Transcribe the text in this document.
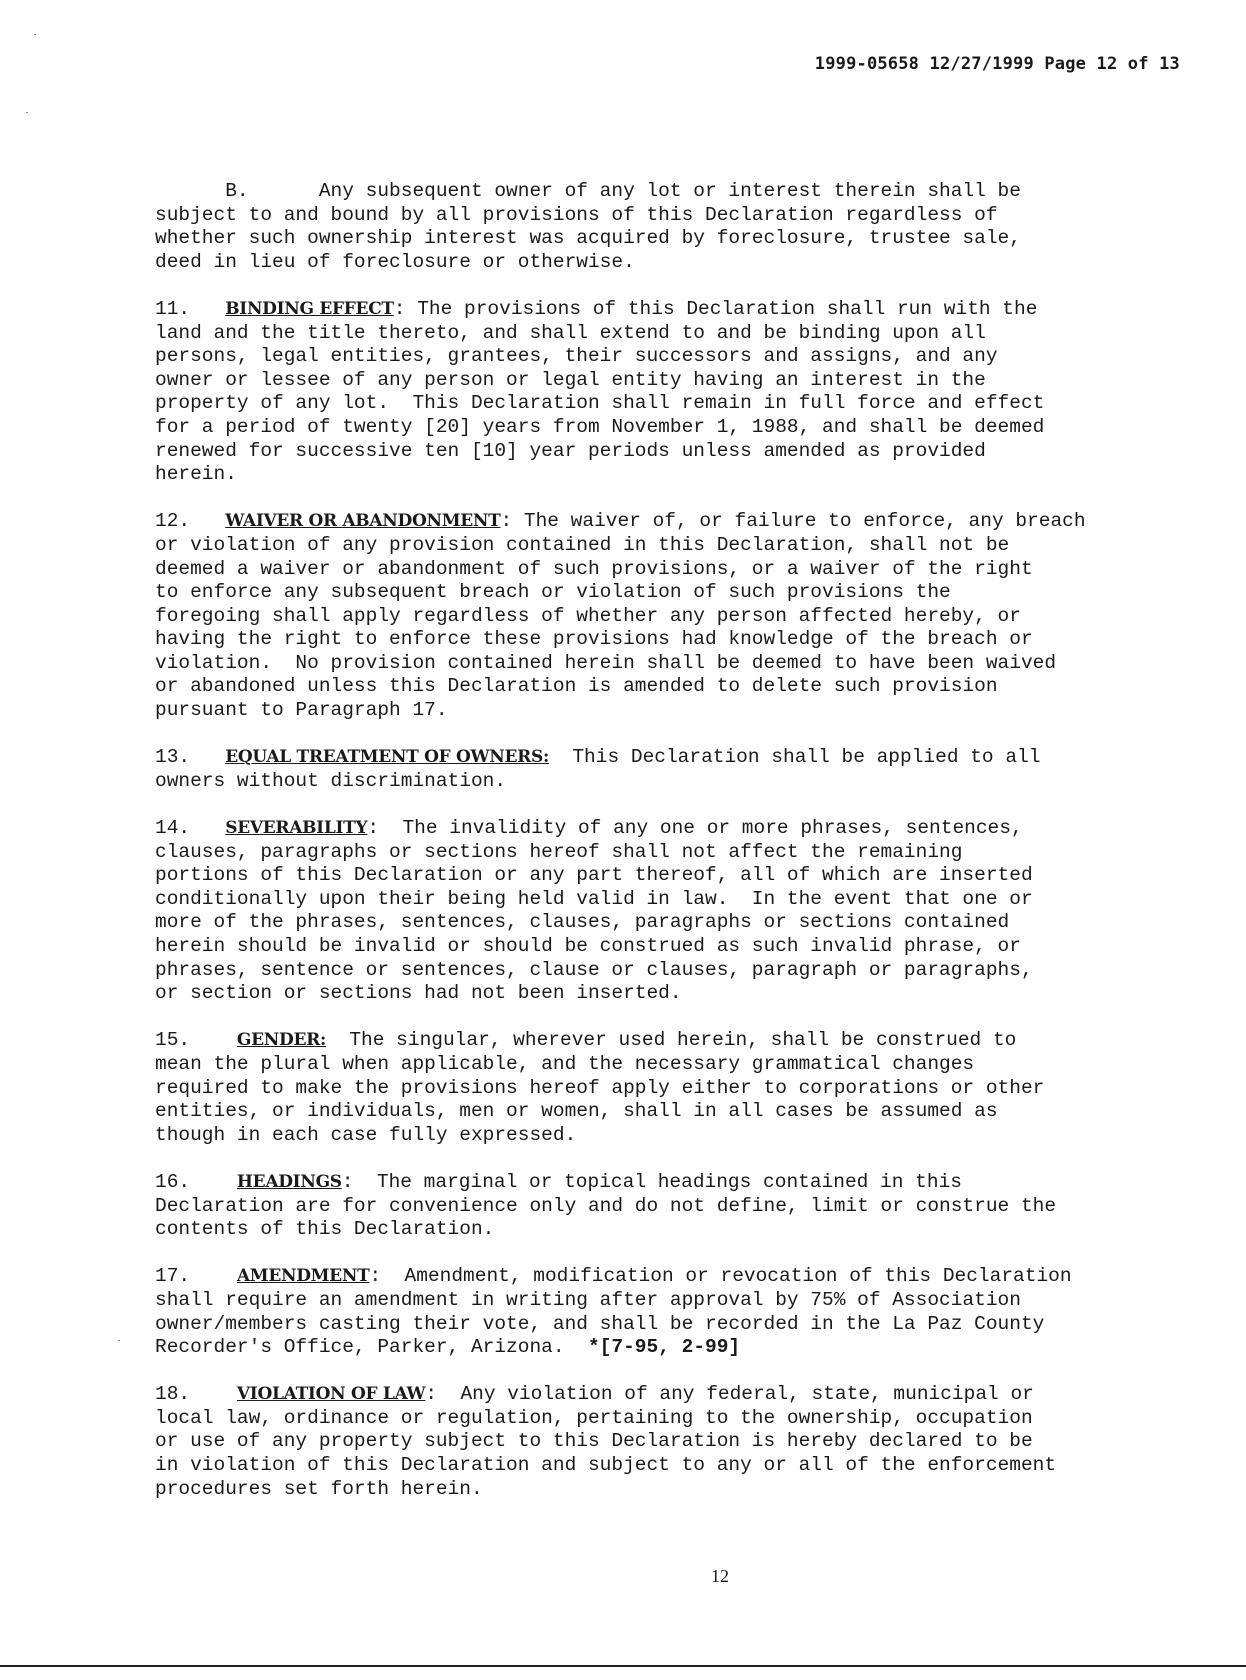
1999-05658 12/27/1999 Page 12 of 13
B.      Any subsequent owner of any lot or interest therein shall be
subject to and bound by all provisions of this Declaration regardless of
whether such ownership interest was acquired by foreclosure, trustee sale,
deed in lieu of foreclosure or otherwise.
11. BINDING EFFECT: The provisions of this Declaration shall run with the
land and the title thereto, and shall extend to and be binding upon all
persons, legal entities, grantees, their successors and assigns, and any
owner or lessee of any person or legal entity having an interest in the
property of any lot.  This Declaration shall remain in full force and effect
for a period of twenty [20] years from November 1, 1988, and shall be deemed
renewed for successive ten [10] year periods unless amended as provided
herein.
12. WAIVER OR ABANDONMENT: The waiver of, or failure to enforce, any breach
or violation of any provision contained in this Declaration, shall not be
deemed a waiver or abandonment of such provisions, or a waiver of the right
to enforce any subsequent breach or violation of such provisions the
foregoing shall apply regardless of whether any person affected hereby, or
having the right to enforce these provisions had knowledge of the breach or
violation.  No provision contained herein shall be deemed to have been waived
or abandoned unless this Declaration is amended to delete such provision
pursuant to Paragraph 17.
13. EQUAL TREATMENT OF OWNERS:  This Declaration shall be applied to all
owners without discrimination.
14. SEVERABILITY:  The invalidity of any one or more phrases, sentences,
clauses, paragraphs or sections hereof shall not affect the remaining
portions of this Declaration or any part thereof, all of which are inserted
conditionally upon their being held valid in law.  In the event that one or
more of the phrases, sentences, clauses, paragraphs or sections contained
herein should be invalid or should be construed as such invalid phrase, or
phrases, sentence or sentences, clause or clauses, paragraph or paragraphs,
or section or sections had not been inserted.
15.	GENDER:  The singular, wherever used herein, shall be construed to
mean the plural when applicable, and the necessary grammatical changes
required to make the provisions hereof apply either to corporations or other
entities, or individuals, men or women, shall in all cases be assumed as
though in each case fully expressed.
16.	HEADINGS:  The marginal or topical headings contained in this
Declaration are for convenience only and do not define, limit or construe the
contents of this Declaration.
17.	AMENDMENT:  Amendment, modification or revocation of this Declaration
shall require an amendment in writing after approval by 75% of Association
owner/members casting their vote, and shall be recorded in the La Paz County
Recorder's Office, Parker, Arizona.  *[7-95, 2-99]
18.	VIOLATION OF LAW:  Any violation of any federal, state, municipal or
local law, ordinance or regulation, pertaining to the ownership, occupation
or use of any property subject to this Declaration is hereby declared to be
in violation of this Declaration and subject to any or all of the enforcement
procedures set forth herein.
12
